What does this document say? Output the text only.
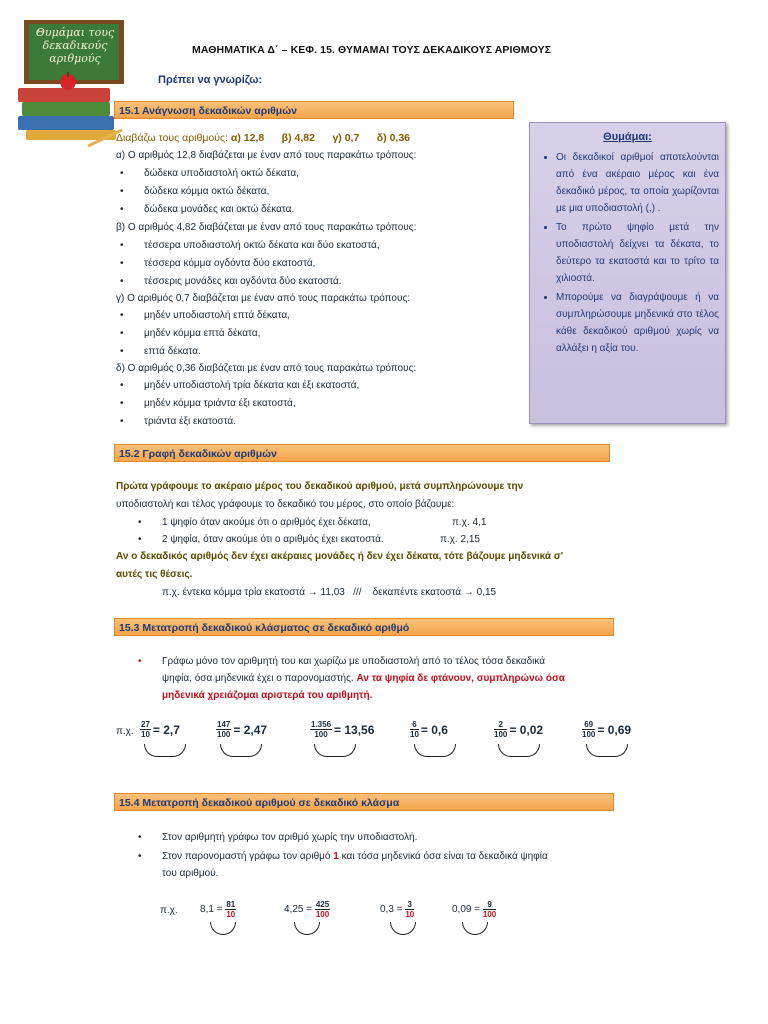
Θυμάμαι τους
δεκαδικούς
αριθμούς
ΜΑΘΗΜΑΤΙΚΑ Δ΄ – ΚΕΦ. 15. ΘΥΜΑΜΑΙ ΤΟΥΣ ΔΕΚΑΔΙΚΟΥΣ ΑΡΙΘΜΟΥΣ
Πρέπει να γνωρίζω:
15.1 Ανάγνωση δεκαδικών αριθμών
Διαβάζω τους αριθμούς: α) 12,8      β) 4,82      γ) 0,7      δ) 0,36
α) Ο αριθμός 12,8 διαβάζεται με έναν από τους παρακάτω τρόπους:
• δώδεκα υποδιαστολή οκτώ δέκατα,
• δώδεκα κόμμα οκτώ δέκατα,
• δώδεκα μονάδες και οκτώ δέκατα.
β) Ο αριθμός 4,82 διαβάζεται με έναν από τους παρακάτω τρόπους:
• τέσσερα υποδιαστολή οκτώ δέκατα και δύο εκατοστά,
• τέσσερα κόμμα ογδόντα δύο εκατοστά,
• τέσσερις μονάδες και ογδόντα δύο εκατοστά.
γ) Ο αριθμός 0,7 διαβάζεται με έναν από τους παρακάτω τρόπους:
• μηδέν υποδιαστολή επτά δέκατα,
• μηδέν κόμμα επτά δέκατα,
• επτά δέκατα.
δ) Ο αριθμός 0,36 διαβάζεται με έναν από τους παρακάτω τρόπους:
• μηδέν υποδιαστολή τρία δέκατα και έξι εκατοστά,
• μηδέν κόμμα τριάντα έξι εκατοστά,
• τριάντα έξι εκατοστά.
Θυμάμαι:
• Οι δεκαδικοί αριθμοί αποτελούνται από ένα ακέραιο μέρος και ένα δεκαδικό μέρος, τα οποία χωρίζονται με μια υποδιαστολή (,) .
• Το πρώτο ψηφίο μετά την υποδιαστολή δείχνει τα δέκατα, το δεύτερο τα εκατοστά και το τρίτο τα χιλιοστά.
• Μπορούμε να διαγράψουμε ή να συμπληρώσουμε μηδενικά στο τέλος κάθε δεκαδικού αριθμού χωρίς να αλλάξει η αξία του.
15.2 Γραφή δεκαδικών αριθμών
Πρώτα γράφουμε το ακέραιο μέρος του δεκαδικού αριθμού, μετά συμπληρώνουμε την
υποδιαστολή και τέλος γράφουμε το δεκαδικό του μέρος, στο οποίο βάζουμε:
• 1 ψηφίο όταν ακούμε ότι ο αριθμός έχει δέκατα,	π.χ. 4,1
• 2 ψηφία, όταν ακούμε ότι ο αριθμός έχει εκατοστά.	π.χ. 2,15
Αν ο δεκαδικός αριθμός δεν έχει ακέραιες μονάδες ή δεν έχει δέκατα, τότε βάζουμε μηδενικά σ'
αυτές τις θέσεις.
π.χ. έντεκα κόμμα τρία εκατοστά → 11,03   ///    δεκαπέντε εκατοστά → 0,15
15.3 Μετατροπή δεκαδικού κλάσματος σε δεκαδικό αριθμό
• Γράφω μόνο τον αριθμητή του και χωρίζω με υποδιαστολή από το τέλος τόσα δεκαδικά
ψηφία, όσα μηδενικά έχει ο παρονομαστής. Αν τα ψηφία δε φτάνουν, συμπληρώνω όσα
μηδενικά χρειάζομαι αριστερά του αριθμητή.
π.χ. $\frac{27}{10} = 2,7$	$\frac{147}{100} = 2,47$	$\frac{1.356}{100} = 13,56$	$\frac{6}{10} = 0,6$	$\frac{2}{100} = 0,02$	$\frac{69}{100} = 0,69$
15.4 Μετατροπή δεκαδικού αριθμού σε δεκαδικό κλάσμα
• Στον αριθμητή γράφω τον αριθμό χωρίς την υποδιαστολή.
• Στον παρονομαστή γράφω τον αριθμό 1 και τόσα μηδενικά όσα είναι τα δεκαδικά ψηφία
του αριθμού.
π.χ. $8,1 = \frac{81}{10}$	$4,25 = \frac{425}{100}$	$0,3 = \frac{3}{10}$	$0,09 = \frac{9}{100}$
